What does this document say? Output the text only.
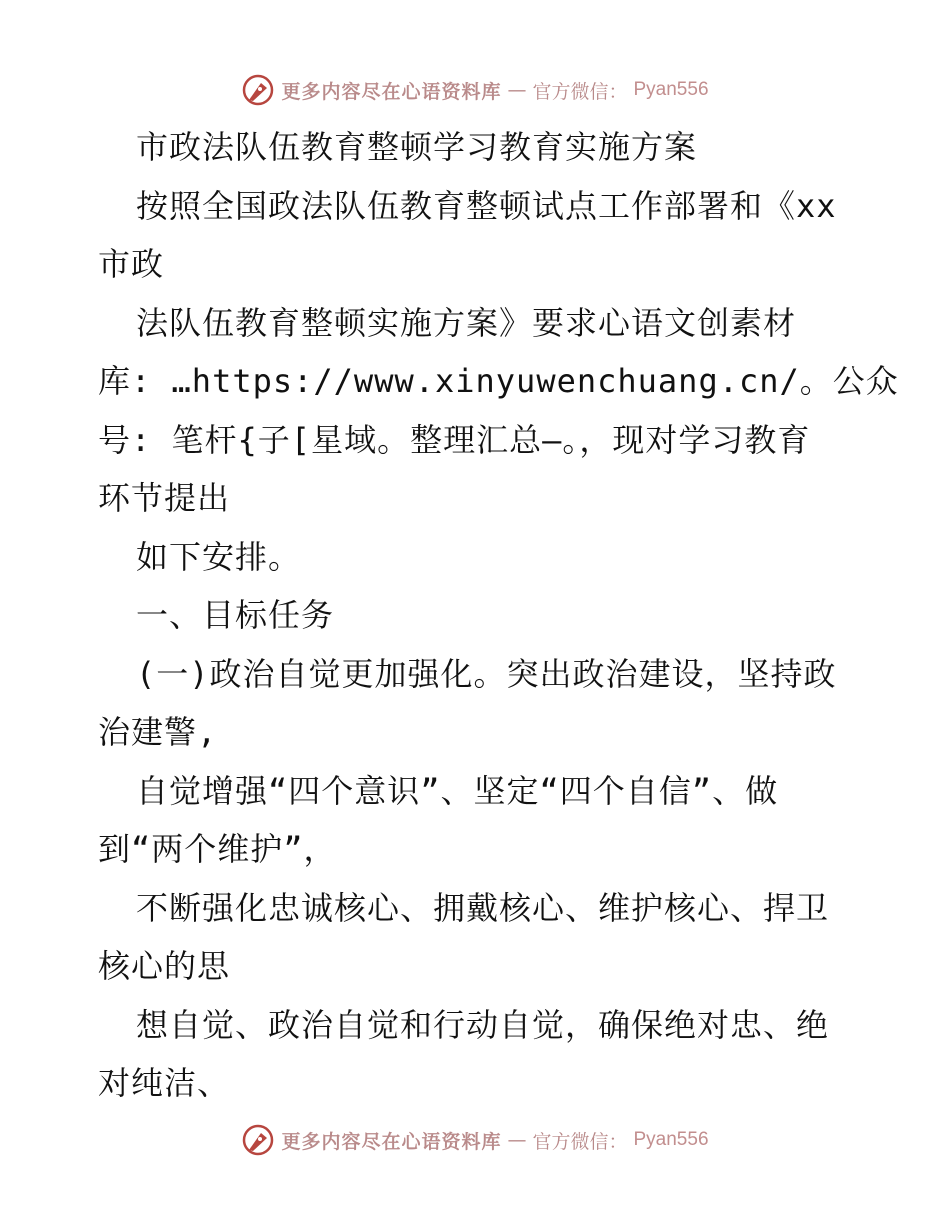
更多内容尽在心语资料库 — 官方微信： Pyan556
市政法队伍教育整顿学习教育实施方案
按照全国政法队伍教育整顿试点工作部署和《xx
市政
法队伍教育整顿实施方案》要求心语文创素材
库: …https://www.xinyuwenchuang.cn/。公众
号: 笔杆{子[星域。整理汇总—。，现对学习教育
环节提出
如下安排。
一、目标任务
(一)政治自觉更加强化。突出政治建设，坚持政
治建警,
自觉增强“四个意识”、坚定“四个自信”、做
到“两个维护”，
不断强化忠诚核心、拥戴核心、维护核心、捍卫
核心的思
想自觉、政治自觉和行动自觉，确保绝对忠、绝
对纯洁、
更多内容尽在心语资料库 — 官方微信： Pyan556
